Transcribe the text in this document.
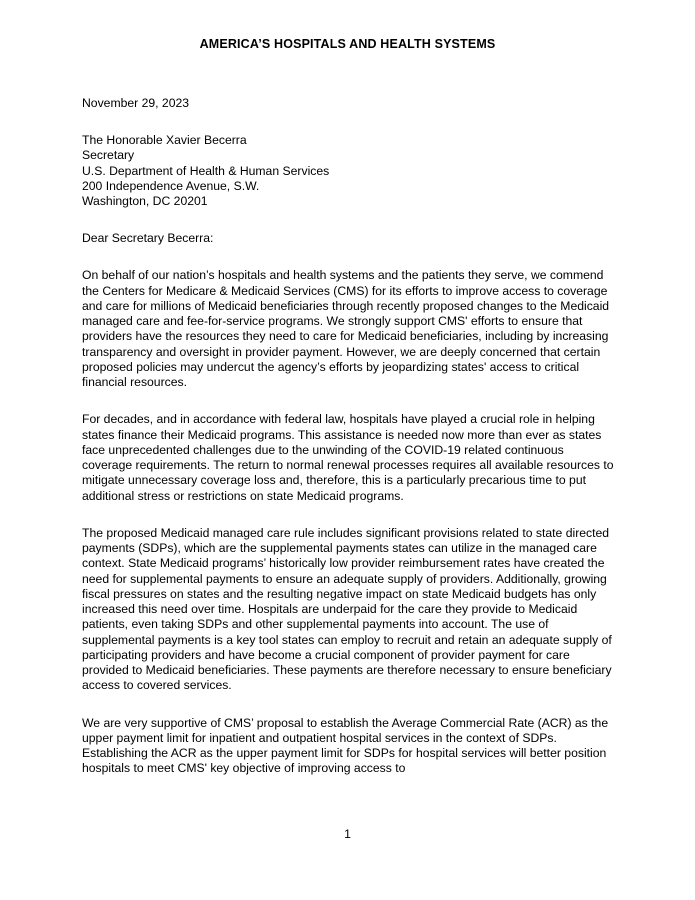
AMERICA’S HOSPITALS AND HEALTH SYSTEMS
November 29, 2023
The Honorable Xavier Becerra
Secretary
U.S. Department of Health & Human Services
200 Independence Avenue, S.W.
Washington, DC 20201
Dear Secretary Becerra:

On behalf of our nation’s hospitals and health systems and the patients they serve, we commend the Centers for Medicare & Medicaid Services (CMS) for its efforts to improve access to coverage and care for millions of Medicaid beneficiaries through recently proposed changes to the Medicaid managed care and fee-for-service programs. We strongly support CMS' efforts to ensure that providers have the resources they need to care for Medicaid beneficiaries, including by increasing transparency and oversight in provider payment. However, we are deeply concerned that certain proposed policies may undercut the agency’s efforts by jeopardizing states' access to critical financial resources.

For decades, and in accordance with federal law, hospitals have played a crucial role in helping states finance their Medicaid programs. This assistance is needed now more than ever as states face unprecedented challenges due to the unwinding of the COVID-19 related continuous coverage requirements. The return to normal renewal processes requires all available resources to mitigate unnecessary coverage loss and, therefore, this is a particularly precarious time to put additional stress or restrictions on state Medicaid programs.

The proposed Medicaid managed care rule includes significant provisions related to state directed payments (SDPs), which are the supplemental payments states can utilize in the managed care context. State Medicaid programs’ historically low provider reimbursement rates have created the need for supplemental payments to ensure an adequate supply of providers. Additionally, growing fiscal pressures on states and the resulting negative impact on state Medicaid budgets has only increased this need over time. Hospitals are underpaid for the care they provide to Medicaid patients, even taking SDPs and other supplemental payments into account. The use of supplemental payments is a key tool states can employ to recruit and retain an adequate supply of participating providers and have become a crucial component of provider payment for care provided to Medicaid beneficiaries. These payments are therefore necessary to ensure beneficiary access to covered services.

We are very supportive of CMS’ proposal to establish the Average Commercial Rate (ACR) as the upper payment limit for inpatient and outpatient hospital services in the context of SDPs. Establishing the ACR as the upper payment limit for SDPs for hospital services will better position hospitals to meet CMS' key objective of improving access to

1
